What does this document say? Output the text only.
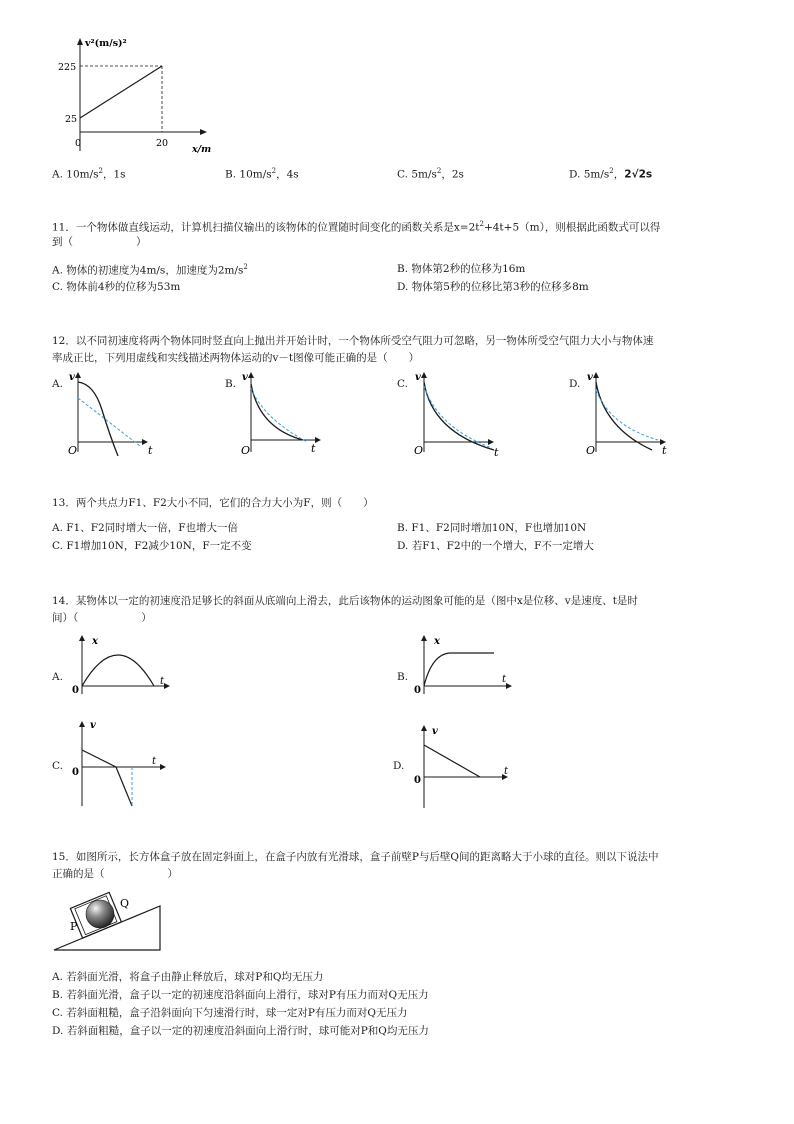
v²(m/s)²
225
25
0	20
x/m
A. $10m/s^2$，1s	B. $10m/s^2$，4s	C. $5m/s^2$，2s	D. $5m/s^2$，2√2s
11．一个物体做直线运动，计算机扫描仪输出的该物体的位置随时间变化的函数关系是$x=2t^2+4t+5(m)$，则根据此函数式可以得
到（　　　　　　）
A. 物体的初速度为4m/s，加速度为$2m/s^2$	B. 物体第2秒的位移为16m
C. 物体前4秒的位移为53m	D. 物体第5秒的位移比第3秒的位移多8m
12．以不同初速度将两个物体同时竖直向上抛出并开始计时，一个物体所受空气阻力可忽略，另一物体所受空气阻力大小与物体速
率成正比，下列用虚线和实线描述两物体运动的v－t图像可能正确的是（　　）
A.
v
O	t
B.
v
O	t
C.
v
O	t
D.
v
O	t
13．两个共点力F1、F2大小不同，它们的合力大小为F，则（　　）
A. F1、F2同时增大一倍，F也增大一倍	B. F1、F2同时增加10N，F也增加10N
C. F1增加10N，F2减少10N，F一定不变	D. 若F1、F2中的一个增大，F不一定增大
14．某物体以一定的初速度沿足够长的斜面从底端向上滑去，此后该物体的运动图象可能的是（图中x是位移、v是速度、t是时
间）（　　　　　　）
A.
x
0
t	B.
x
0
t
C.
v
0
t	D.
v
0
t
15．如图所示，长方体盒子放在固定斜面上，在盒子内放有光滑球，盒子前壁P与后壁Q间的距离略大于小球的直径。则以下说法中
正确的是（　　　　　　）
P
Q
A. 若斜面光滑，将盒子由静止释放后，球对P和Q均无压力
B. 若斜面光滑，盒子以一定的初速度沿斜面向上滑行，球对P有压力而对Q无压力
C. 若斜面粗糙，盒子沿斜面向下匀速滑行时，球一定对P有压力而对Q无压力
D. 若斜面粗糙，盒子以一定的初速度沿斜面向上滑行时，球可能对P和Q均无压力
